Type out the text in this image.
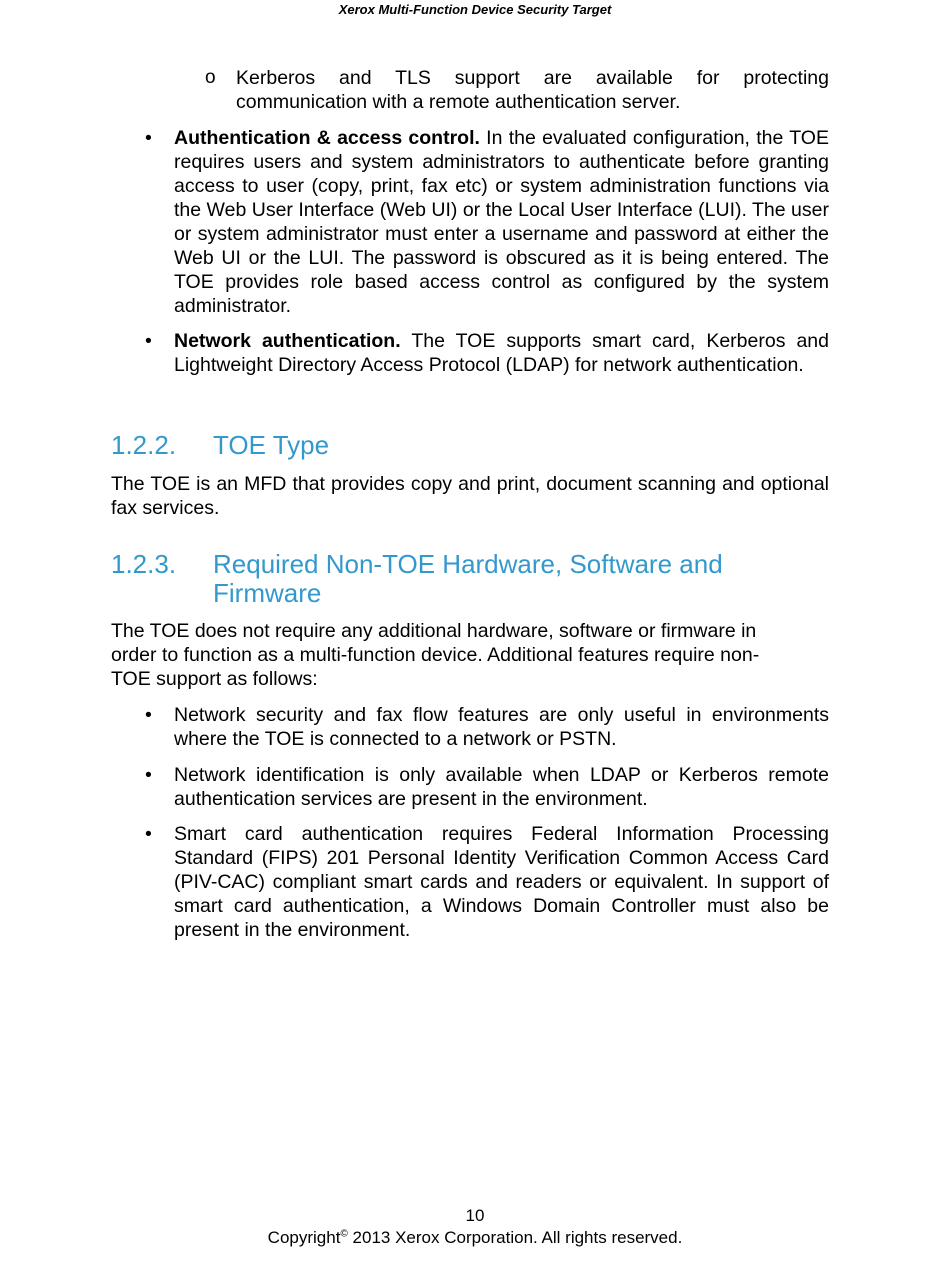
Xerox Multi-Function Device Security Target
o Kerberos and TLS support are available for protecting communication with a remote authentication server.

• Authentication & access control. In the evaluated configuration, the TOE requires users and system administrators to authenticate before granting access to user (copy, print, fax etc) or system administration functions via the Web User Interface (Web UI) or the Local User Interface (LUI). The user or system administrator must enter a username and password at either the Web UI or the LUI. The password is obscured as it is being entered. The TOE provides role based access control as configured by the system administrator.

• Network authentication. The TOE supports smart card, Kerberos and Lightweight Directory Access Protocol (LDAP) for network authentication.

1.2.2. TOE Type

The TOE is an MFD that provides copy and print, document scanning and optional fax services.

1.2.3. Required Non-TOE Hardware, Software and
Firmware
The TOE does not require any additional hardware, software or firmware in
order to function as a multi-function device. Additional features require non-
TOE support as follows:
• Network security and fax flow features are only useful in environments where the TOE is connected to a network or PSTN.

• Network identification is only available when LDAP or Kerberos remote authentication services are present in the environment.

• Smart card authentication requires Federal Information Processing Standard (FIPS) 201 Personal Identity Verification Common Access Card (PIV-CAC) compliant smart cards and readers or equivalent. In support of smart card authentication, a Windows Domain Controller must also be present in the environment.

10
Copyright© 2013 Xerox Corporation. All rights reserved.
